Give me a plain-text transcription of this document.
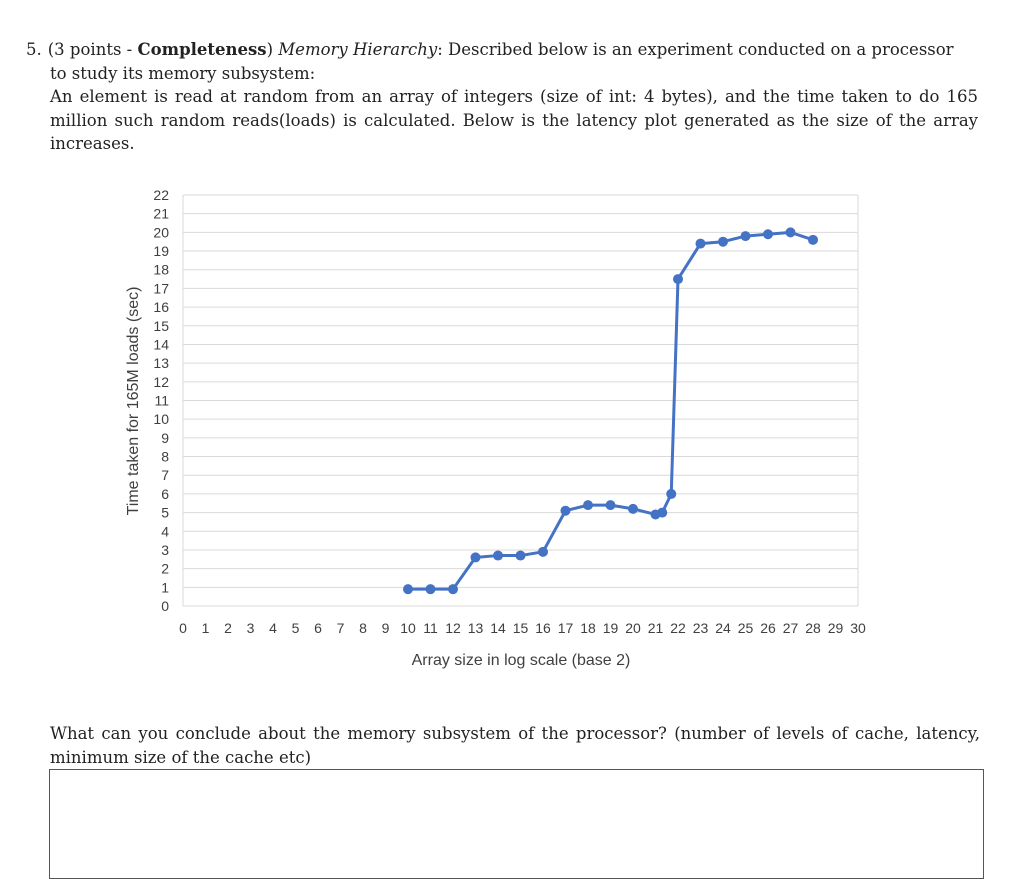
5. (3 points - Completeness) Memory Hierarchy: Described below is an experiment conducted on a processor
to study its memory subsystem:
An element is read at random from an array of integers (size of int: 4 bytes), and the time taken to do 165 million such random reads(loads) is calculated. Below is the latency plot generated as the size of the array increases.
0
1
2
3
4
5
6
7
8
9
10
11
12
13
14
15
16
17
18
19
20
21
22
0 1 2 3 4 5 6 7 8 9 10 11 12 13 14 15 16 17 18 19 20 21 22 23 24 25 26 27 28 29 30
Array size in log scale (base 2)
Time taken for 165M loads (sec)
What can you conclude about the memory subsystem of the processor? (number of levels of cache, latency, minimum size of the cache etc)
